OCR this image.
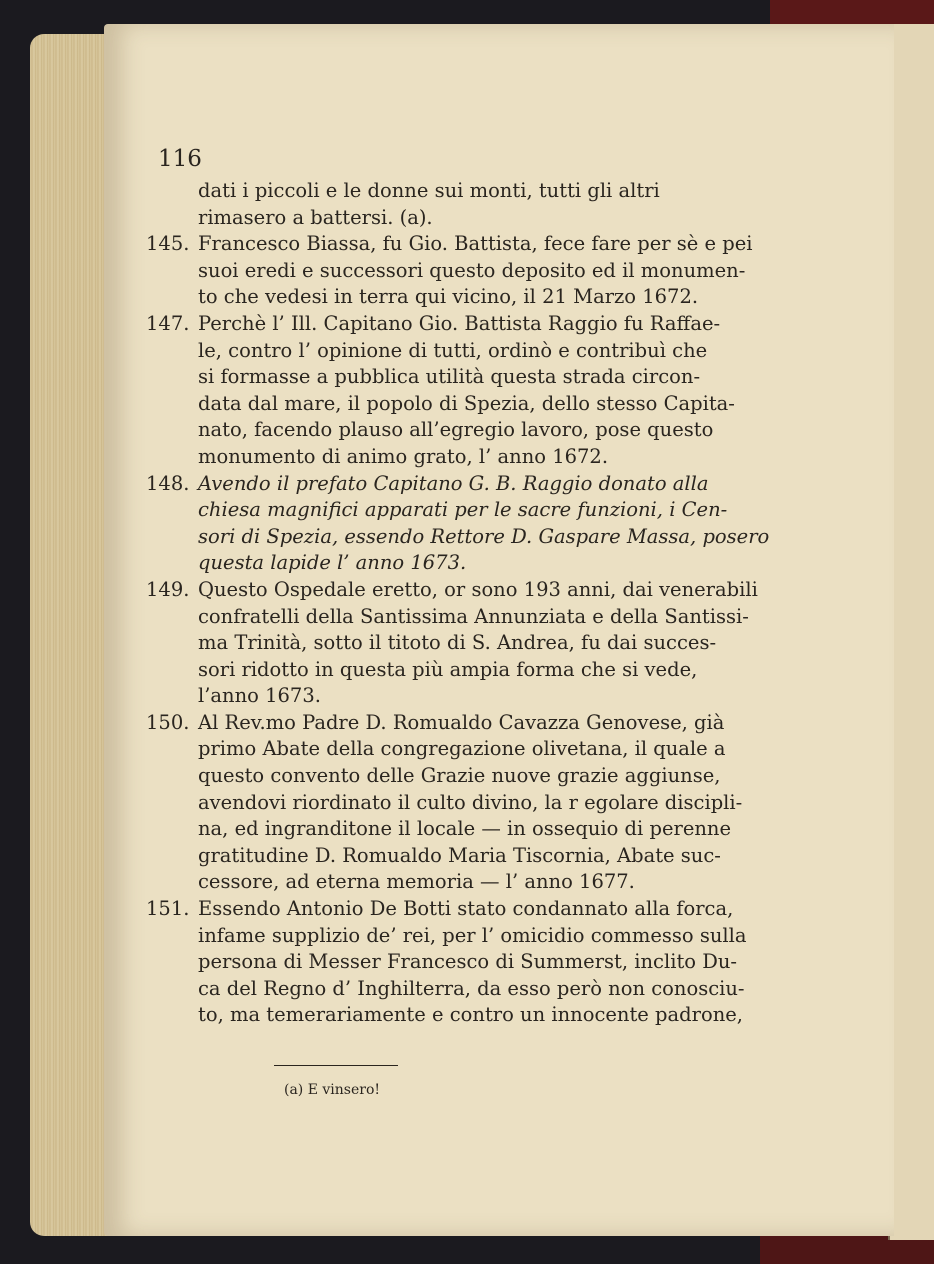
116
dati i piccoli e le donne sui monti, tutti gli altri
rimasero a battersi. (a).
145. Francesco Biassa, fu Gio. Battista, fece fare per sè e pei
suoi eredi e successori questo deposito ed il monumen-
to che vedesi in terra qui vicino, il 21 Marzo 1672.
147. Perchè l’ Ill. Capitano Gio. Battista Raggio fu Raffae-
le, contro l’ opinione di tutti, ordinò e contribuì che
si formasse a pubblica utilità questa strada circon-
data dal mare, il popolo di Spezia, dello stesso Capita-
nato, facendo plauso all’egregio lavoro, pose questo
monumento di animo grato, l’ anno 1672.
148. Avendo il prefato Capitano G. B. Raggio donato alla
chiesa magnifici apparati per le sacre funzioni, i Cen-
sori di Spezia, essendo Rettore D. Gaspare Massa, posero
questa lapide l’ anno 1673.
149. Questo Ospedale eretto, or sono 193 anni, dai venerabili
confratelli della Santissima Annunziata e della Santissi-
ma Trinità, sotto il titoto di S. Andrea, fu dai succes-
sori ridotto in questa più ampia forma che si vede,
l’anno 1673.
150. Al Rev.mo Padre D. Romualdo Cavazza Genovese, già
primo Abate della congregazione olivetana, il quale a
questo convento delle Grazie nuove grazie aggiunse,
avendovi riordinato il culto divino, la r egolare discipli-
na, ed ingranditone il locale — in ossequio di perenne
gratitudine D. Romualdo Maria Tiscornia, Abate suc-
cessore, ad eterna memoria — l’ anno 1677.
151. Essendo Antonio De Botti stato condannato alla forca,
infame supplizio de’ rei, per l’ omicidio commesso sulla
persona di Messer Francesco di Summerst, inclito Du-
ca del Regno d’ Inghilterra, da esso però non conosciu-
to, ma temerariamente e contro un innocente padrone,
(a) E vinsero!
